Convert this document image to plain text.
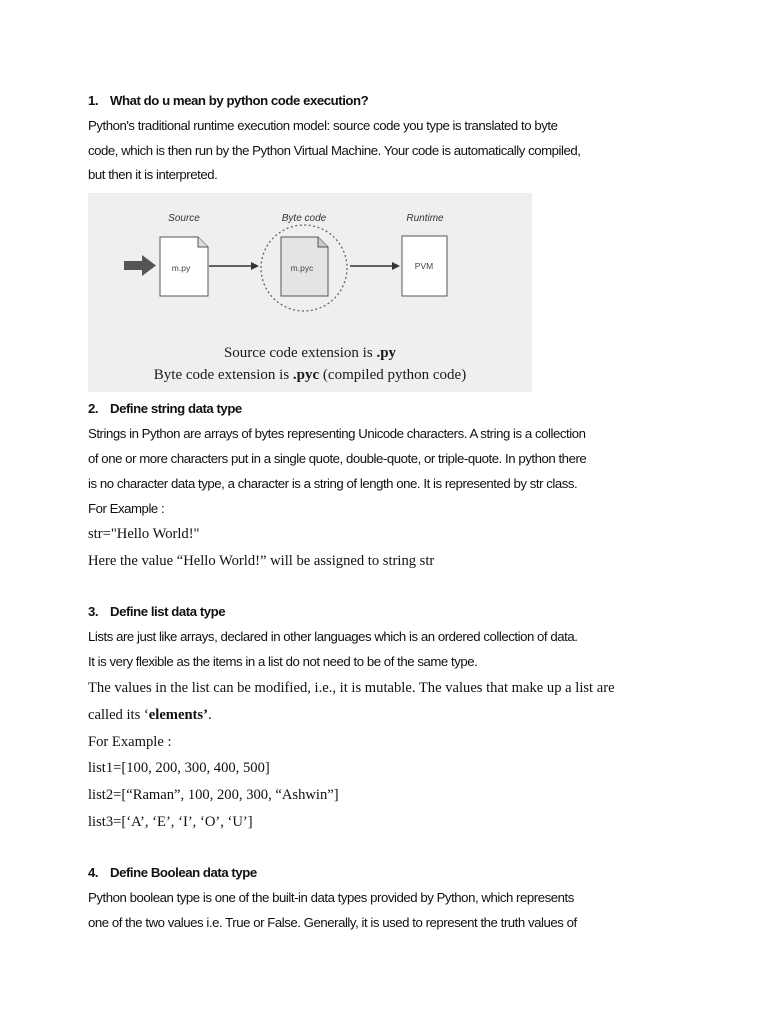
1. What do u mean by python code execution?
Python's traditional runtime execution model: source code you type is translated to byte
code, which is then run by the Python Virtual Machine. Your code is automatically compiled,
but then it is interpreted.
Source	Byte code	Runtime
m.py	m.pyc	PVM
Source code extension is .py
Byte code extension is .pyc (compiled python code)
2. Define string data type
Strings in Python are arrays of bytes representing Unicode characters. A string is a collection
of one or more characters put in a single quote, double-quote, or triple-quote. In python there
is no character data type, a character is a string of length one. It is represented by str class.
For Example :
str="Hello World!"
Here the value “Hello World!” will be assigned to string str
3. Define list data type
Lists are just like arrays, declared in other languages which is an ordered collection of data.
It is very flexible as the items in a list do not need to be of the same type.
The values in the list can be modified, i.e., it is mutable. The values that make up a list are
called its ‘elements’.
For Example :
list1=[100, 200, 300, 400, 500]
list2=[“Raman”, 100, 200, 300, “Ashwin”]
list3=[‘A’, ‘E’, ‘I’, ‘O’, ‘U’]
4. Define Boolean data type
Python boolean type is one of the built-in data types provided by Python, which represents
one of the two values i.e. True or False. Generally, it is used to represent the truth values of
